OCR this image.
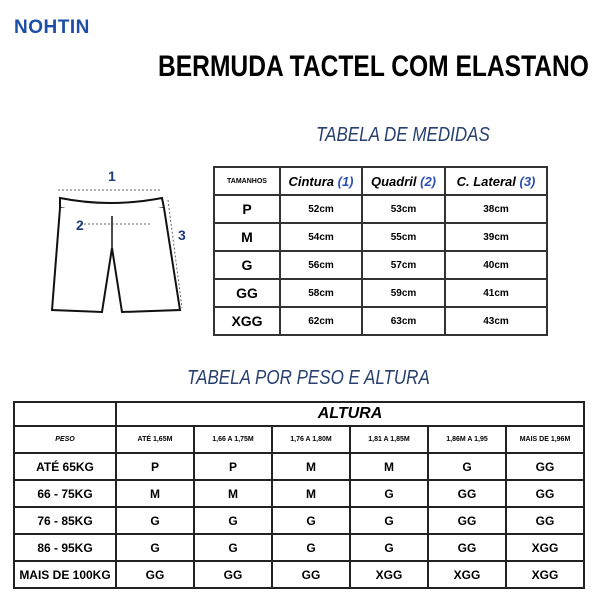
NOHTIN
BERMUDA TACTEL COM ELASTANO
TABELA DE MEDIDAS
1
2
3
TAMANHOS	Cintura (1)	Quadril (2)	C. Lateral (3)
P	52cm	53cm	38cm
M	54cm	55cm	39cm
G	56cm	57cm	40cm
GG	58cm	59cm	41cm
XGG	62cm	63cm	43cm
TABELA POR PESO E ALTURA
	ALTURA					
PESO	ATÉ 1,65M	1,66 A 1,75M	1,76 A 1,80M	1,81 A 1,85M	1,86M A 1,95	MAIS DE 1,96M
ATÉ 65KG	P	P	M	M	G	GG
66 - 75KG	M	M	M	G	GG	GG
76 - 85KG	G	G	G	G	GG	GG
86 - 95KG	G	G	G	G	GG	XGG
MAIS DE 100KG	GG	GG	GG	XGG	XGG	XGG
